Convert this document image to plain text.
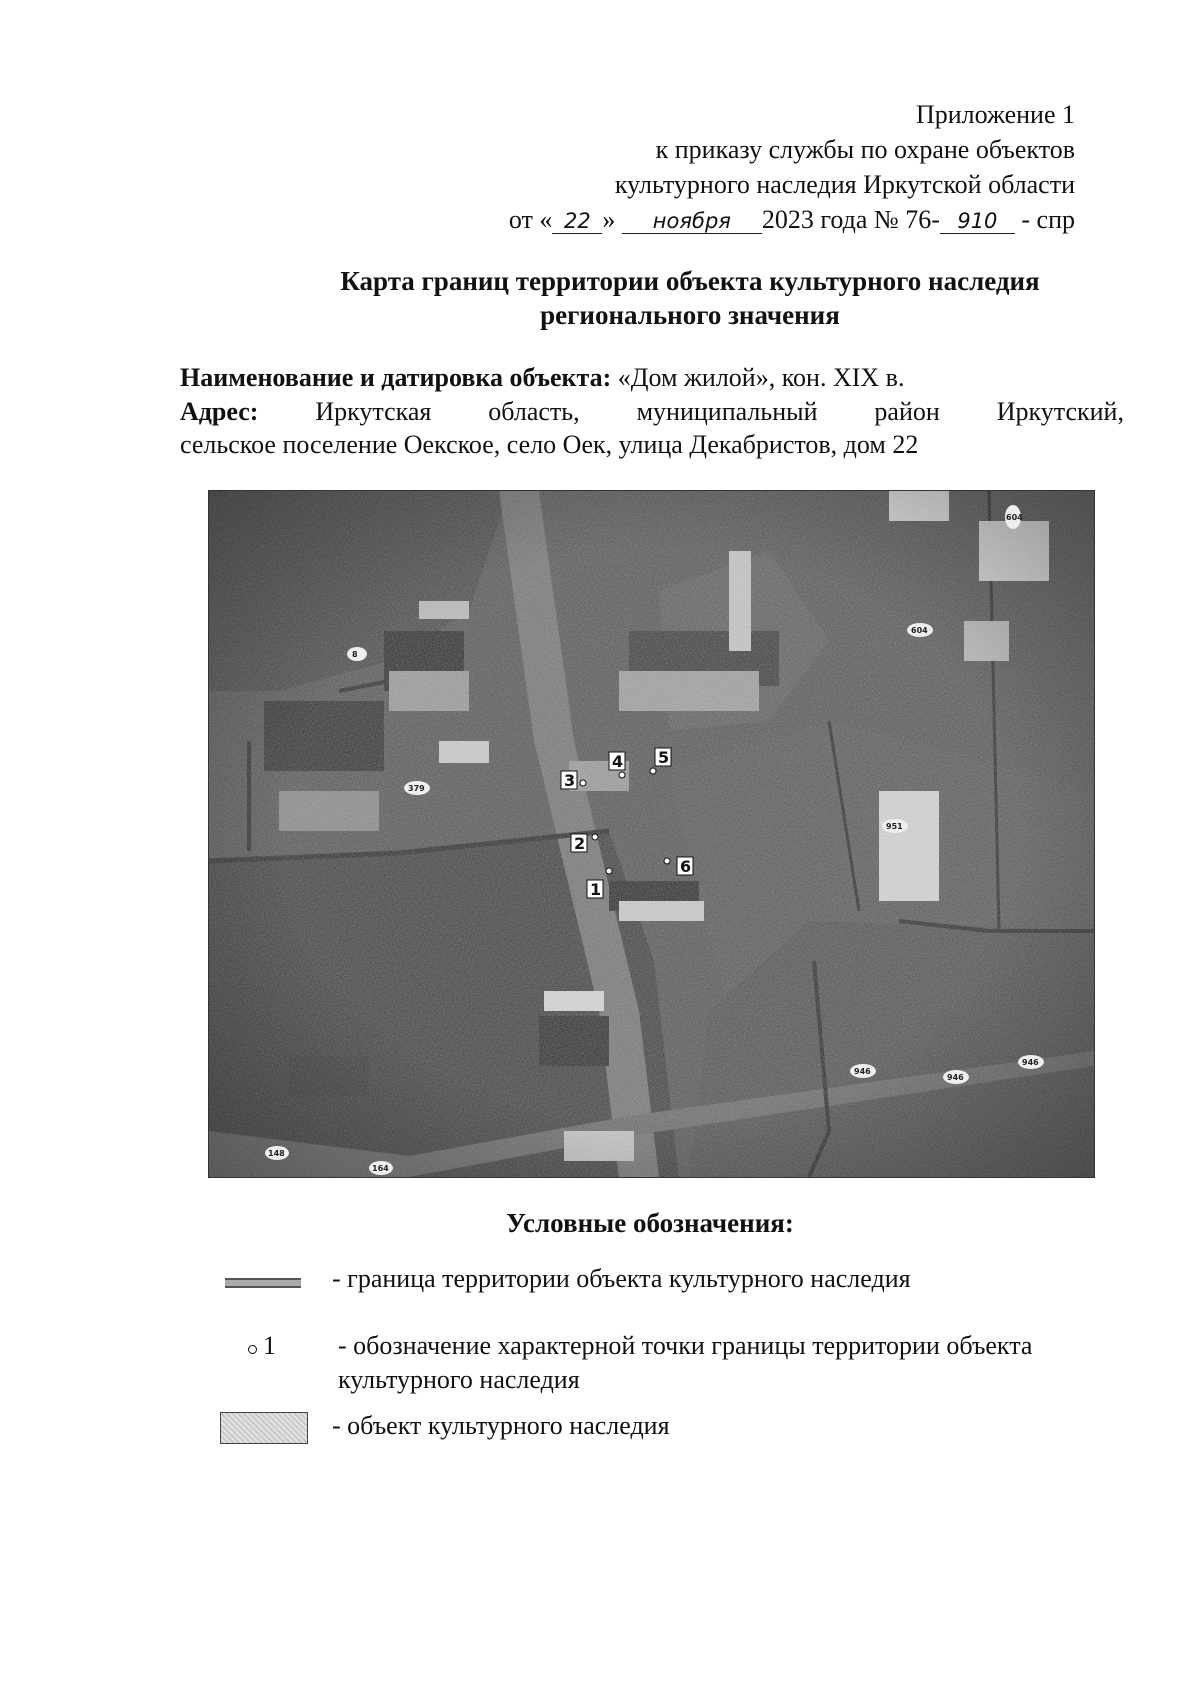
Приложение 1
к приказу службы по охране объектов
культурного наследия Иркутской области
от « 22 » ноября 2023 года № 76- 910 - спр
Карта границ территории объекта культурного наследия
регионального значения
Наименование и датировка объекта: «Дом жилой», кон. XIX в.
Адрес: Иркутская область, муниципальный район Иркутский,
сельское поселение Оекское, село Оек, улица Декабристов, дом 22
1
2
3
4 5
6
8
379
604
604
951
946
946
946
148
164
Условные обозначения:
- граница территории объекта культурного наследия
1 - обозначение характерной точки границы территории объекта
культурного наследия
- объект культурного наследия
